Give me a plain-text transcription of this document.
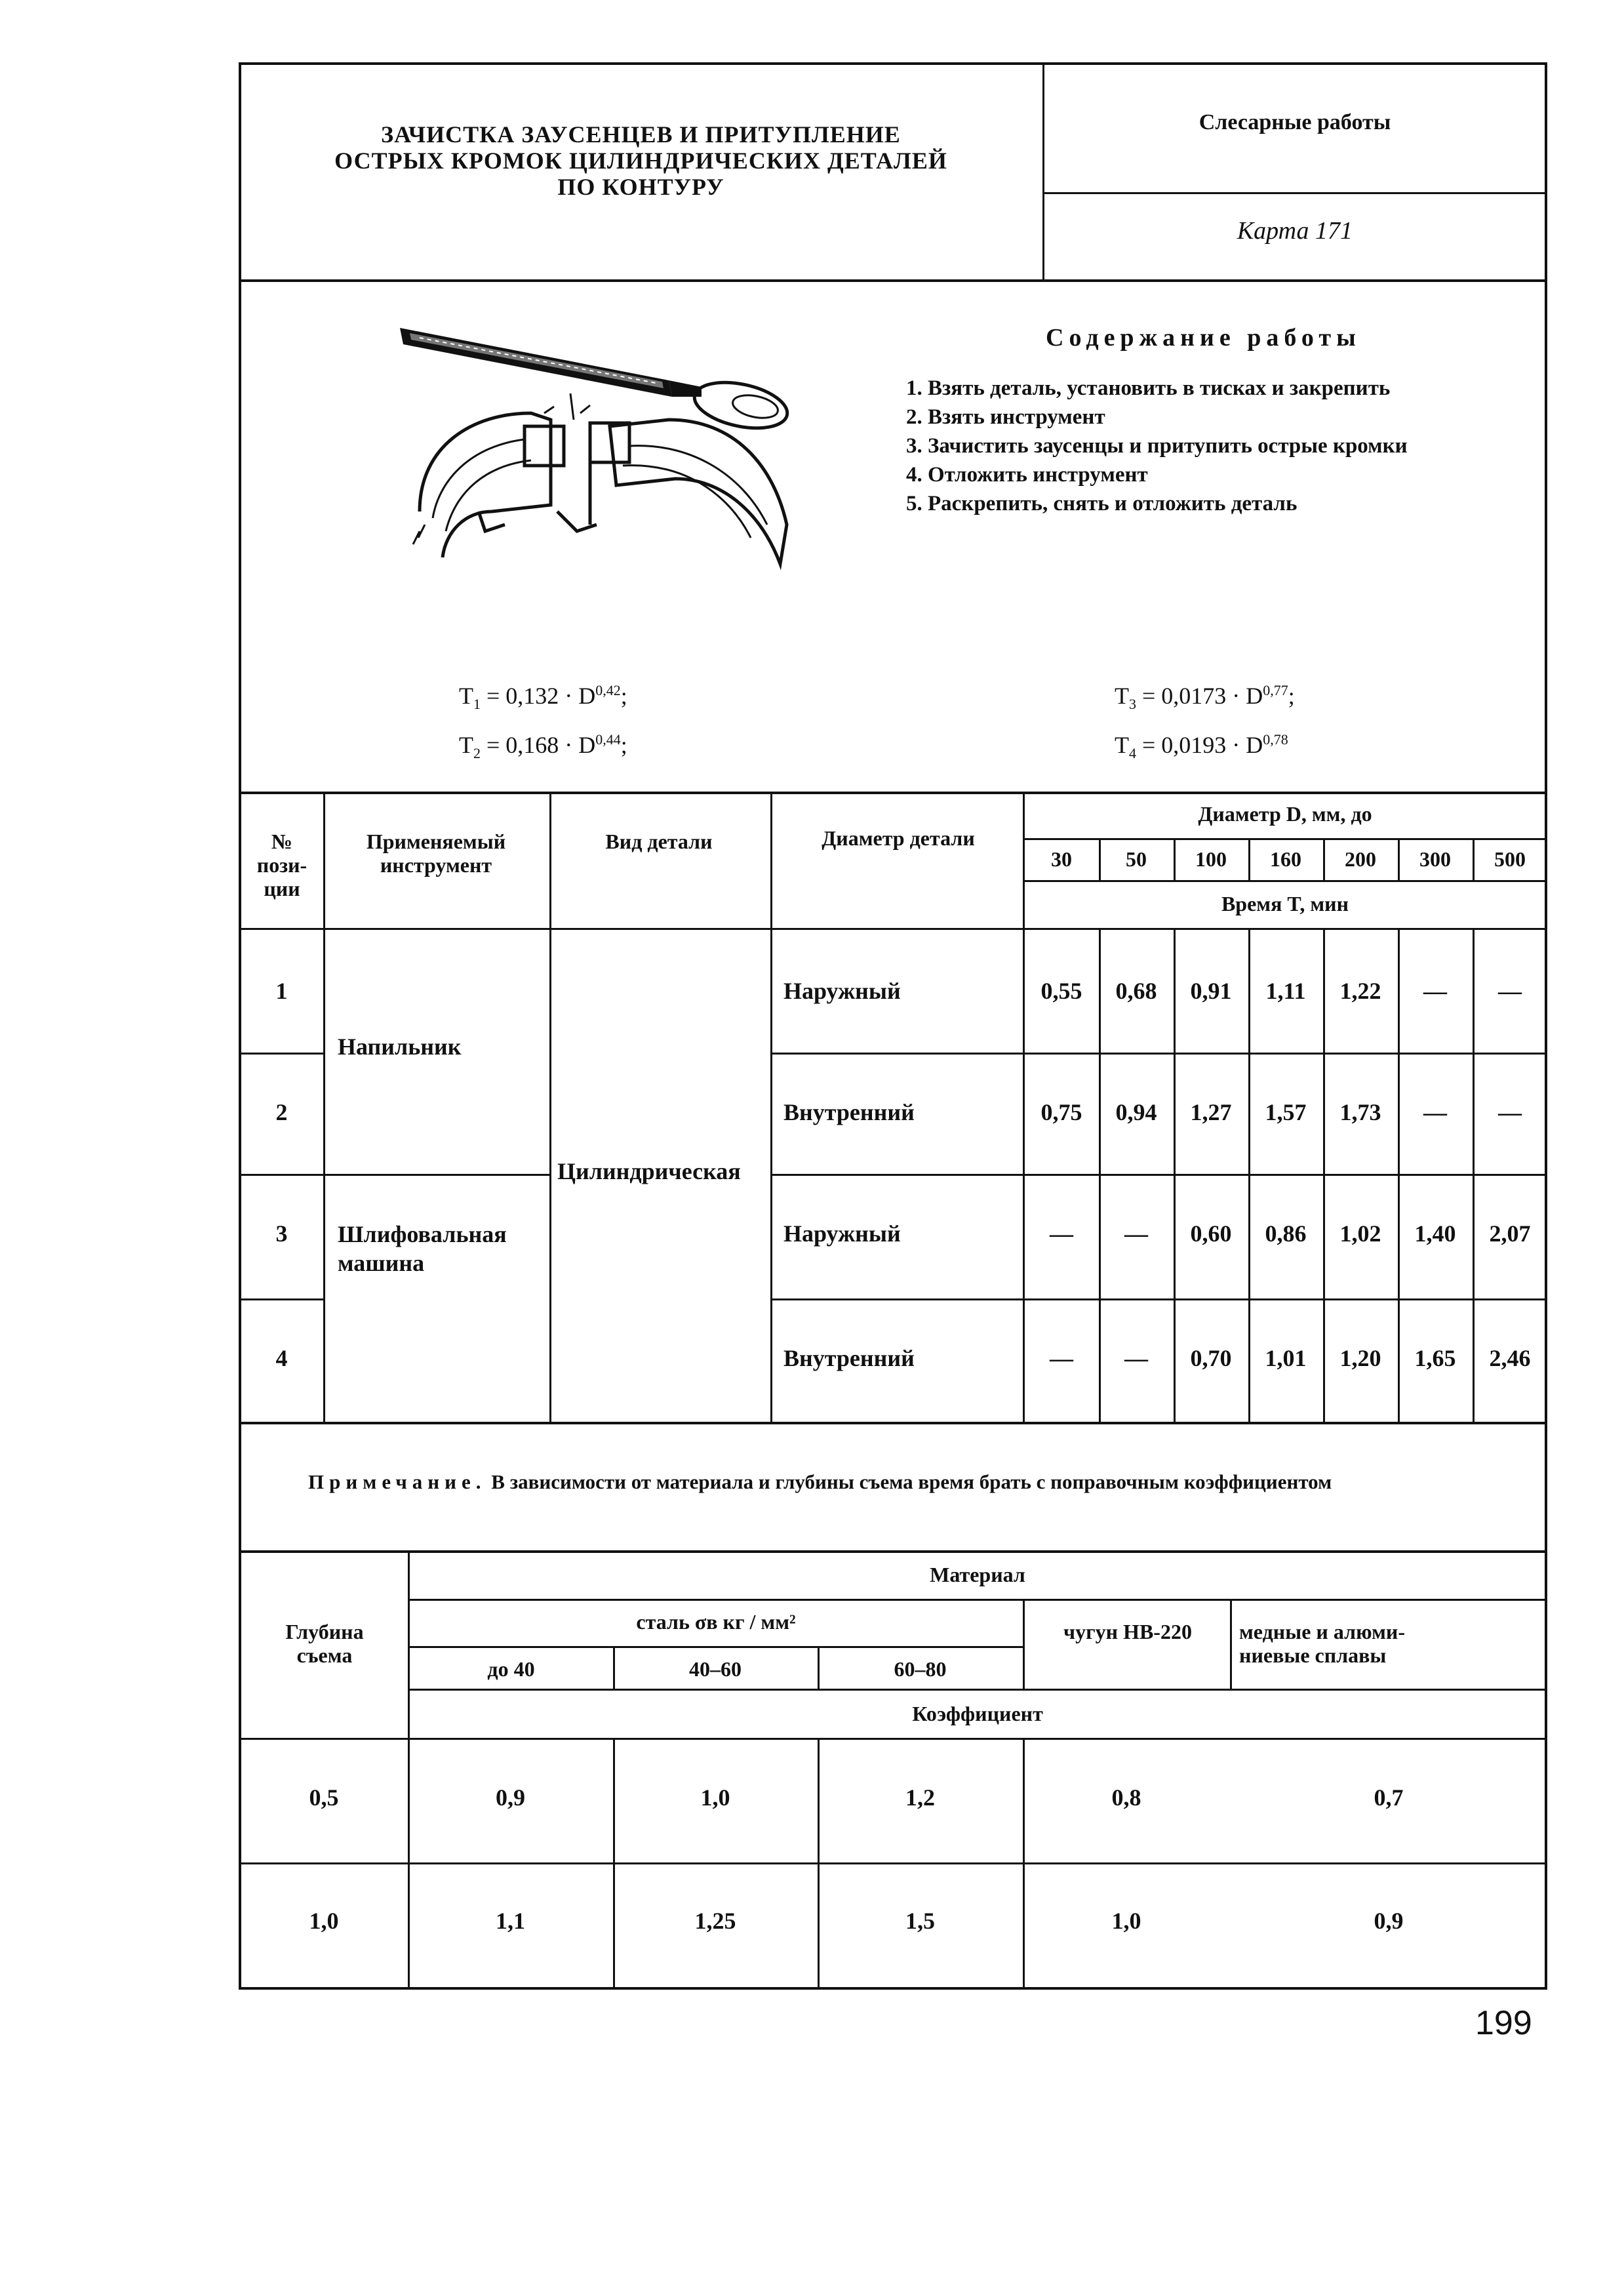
ЗАЧИСТКА ЗАУСЕНЦЕВ И ПРИТУПЛЕНИЕ
ОСТРЫХ КРОМОК ЦИЛИНДРИЧЕСКИХ ДЕТАЛЕЙ
ПО КОНТУРУ
Слесарные работы
Карта 171
Содержание работы
1. Взять деталь, установить в тисках и закрепить
2. Взять инструмент
3. Зачистить заусенцы и притупить острые кромки
4. Отложить инструмент
5. Раскрепить, снять и отложить деталь
$T_1 = 0,132 \cdot D^{0,42}$;
$T_2 = 0,168 \cdot D^{0,44}$;
$T_3 = 0,0173 \cdot D^{0,77}$;
$T_4 = 0,0193 \cdot D^{0,78}$
№ пози- ции
Применяемый инструмент
Вид детали	Диаметр детали
Диаметр D, мм, до
Время T, мин
30	50	100	160	200	300	500
Напильник
Шлифовальная машина
Цилиндрическая
1	Наружный	0,55	0,68	0,91	1,11	1,22	—	—
2	Внутренний	0,75	0,94	1,27	1,57	1,73	—	—
3	Наружный	—	—	0,60	0,86	1,02	1,40	2,07
4	Внутренний	—	—	0,70	1,01	1,20	1,65	2,46
Примечание. В зависимости от материала и глубины съема время брать с поправочным коэффициентом
Глубина съема
Материал
сталь σв кг / мм²
до 40	40–60	60–80
чугун НВ-220	медные и алюми- ниевые сплавы
Коэффициент
0,5	0,9	1,0	1,2	0,8	0,7
1,0	1,1	1,25	1,5	1,0	0,9
199
